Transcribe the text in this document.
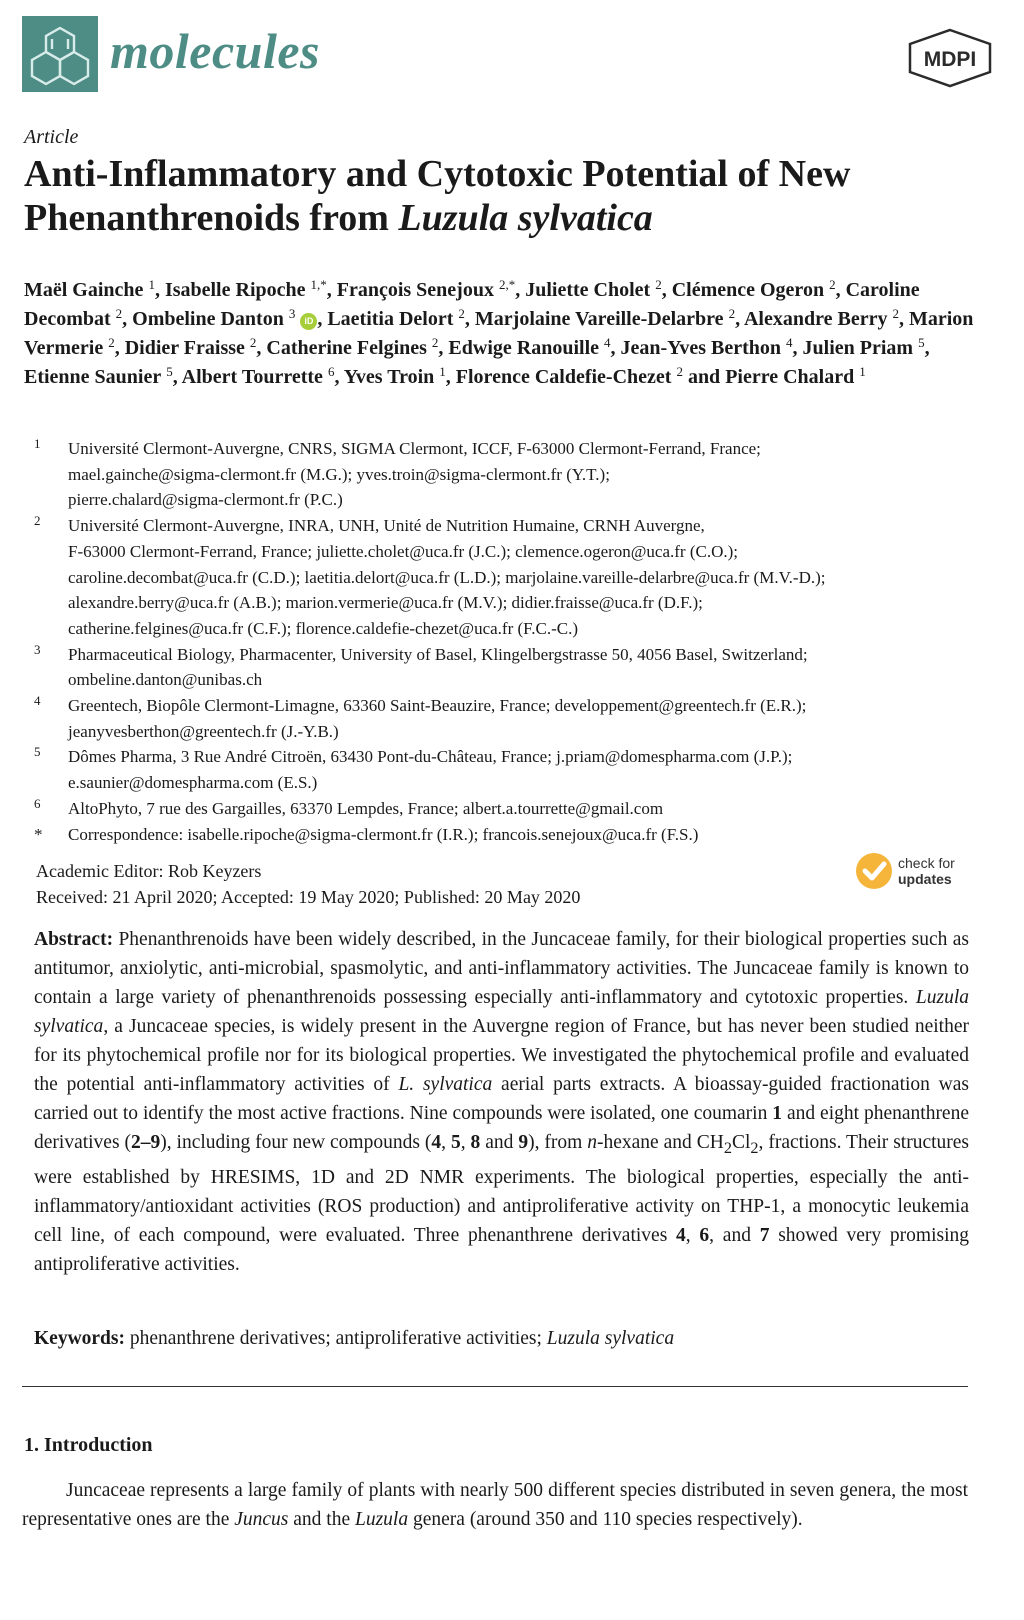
molecules	MDPI
Article
Anti-Inflammatory and Cytotoxic Potential of New
Phenanthrenoids from Luzula sylvatica
Maël Gainche $^1$, Isabelle Ripoche $^{1,*}$, François Senejoux $^{2,*}$, Juliette Cholet $^2$, Clémence Ogeron $^2$, Caroline Decombat $^2$, Ombeline Danton $^3$ iD , Laetitia Delort $^2$, Marjolaine Vareille-Delarbre $^2$, Alexandre Berry $^2$, Marion Vermerie $^2$, Didier Fraisse $^2$, Catherine Felgines $^2$, Edwige Ranouille $^4$, Jean-Yves Berthon $^4$, Julien Priam $^5$, Etienne Saunier $^5$, Albert Tourrette $^6$, Yves Troin $^1$, Florence Caldefie-Chezet $^2$ and Pierre Chalard $^1$
1 Université Clermont-Auvergne, CNRS, SIGMA Clermont, ICCF, F-63000 Clermont-Ferrand, France;
mael.gainche@sigma-clermont.fr (M.G.); yves.troin@sigma-clermont.fr (Y.T.);
pierre.chalard@sigma-clermont.fr (P.C.)
2 Université Clermont-Auvergne, INRA, UNH, Unité de Nutrition Humaine, CRNH Auvergne,
F-63000 Clermont-Ferrand, France; juliette.cholet@uca.fr (J.C.); clemence.ogeron@uca.fr (C.O.);
caroline.decombat@uca.fr (C.D.); laetitia.delort@uca.fr (L.D.); marjolaine.vareille-delarbre@uca.fr (M.V.-D.);
alexandre.berry@uca.fr (A.B.); marion.vermerie@uca.fr (M.V.); didier.fraisse@uca.fr (D.F.);
catherine.felgines@uca.fr (C.F.); florence.caldefie-chezet@uca.fr (F.C.-C.)
3 Pharmaceutical Biology, Pharmacenter, University of Basel, Klingelbergstrasse 50, 4056 Basel, Switzerland;
ombeline.danton@unibas.ch
4 Greentech, Biopôle Clermont-Limagne, 63360 Saint-Beauzire, France; developpement@greentech.fr (E.R.);
jeanyvesberthon@greentech.fr (J.-Y.B.)
5 Dômes Pharma, 3 Rue André Citroën, 63430 Pont-du-Château, France; j.priam@domespharma.com (J.P.);
e.saunier@domespharma.com (E.S.)
6 AltoPhyto, 7 rue des Gargailles, 63370 Lempdes, France; albert.a.tourrette@gmail.com
* Correspondence: isabelle.ripoche@sigma-clermont.fr (I.R.); francois.senejoux@uca.fr (F.S.)
Academic Editor: Rob Keyzers
Received: 21 April 2020; Accepted: 19 May 2020; Published: 20 May 2020
check for
updates
Abstract: Phenanthrenoids have been widely described, in the Juncaceae family, for their biological properties such as antitumor, anxiolytic, anti-microbial, spasmolytic, and anti-inflammatory activities. The Juncaceae family is known to contain a large variety of phenanthrenoids possessing especially anti-inflammatory and cytotoxic properties. Luzula sylvatica, a Juncaceae species, is widely present in the Auvergne region of France, but has never been studied neither for its phytochemical profile nor for its biological properties. We investigated the phytochemical profile and evaluated the potential anti-inflammatory activities of L. sylvatica aerial parts extracts. A bioassay-guided fractionation was carried out to identify the most active fractions. Nine compounds were isolated, one coumarin 1 and eight phenanthrene derivatives (2–9), including four new compounds (4, 5, 8 and 9), from n-hexane and $CH_2Cl_2$, fractions. Their structures were established by HRESIMS, 1D and 2D NMR experiments. The biological properties, especially the anti-inflammatory/antioxidant activities (ROS production) and antiproliferative activity on THP-1, a monocytic leukemia cell line, of each compound, were evaluated. Three phenanthrene derivatives 4, 6, and 7 showed very promising antiproliferative activities.
Keywords: phenanthrene derivatives; antiproliferative activities; Luzula sylvatica
1. Introduction
Juncaceae represents a large family of plants with nearly 500 different species distributed in seven genera, the most representative ones are the Juncus and the Luzula genera (around 350 and 110 species respectively).
